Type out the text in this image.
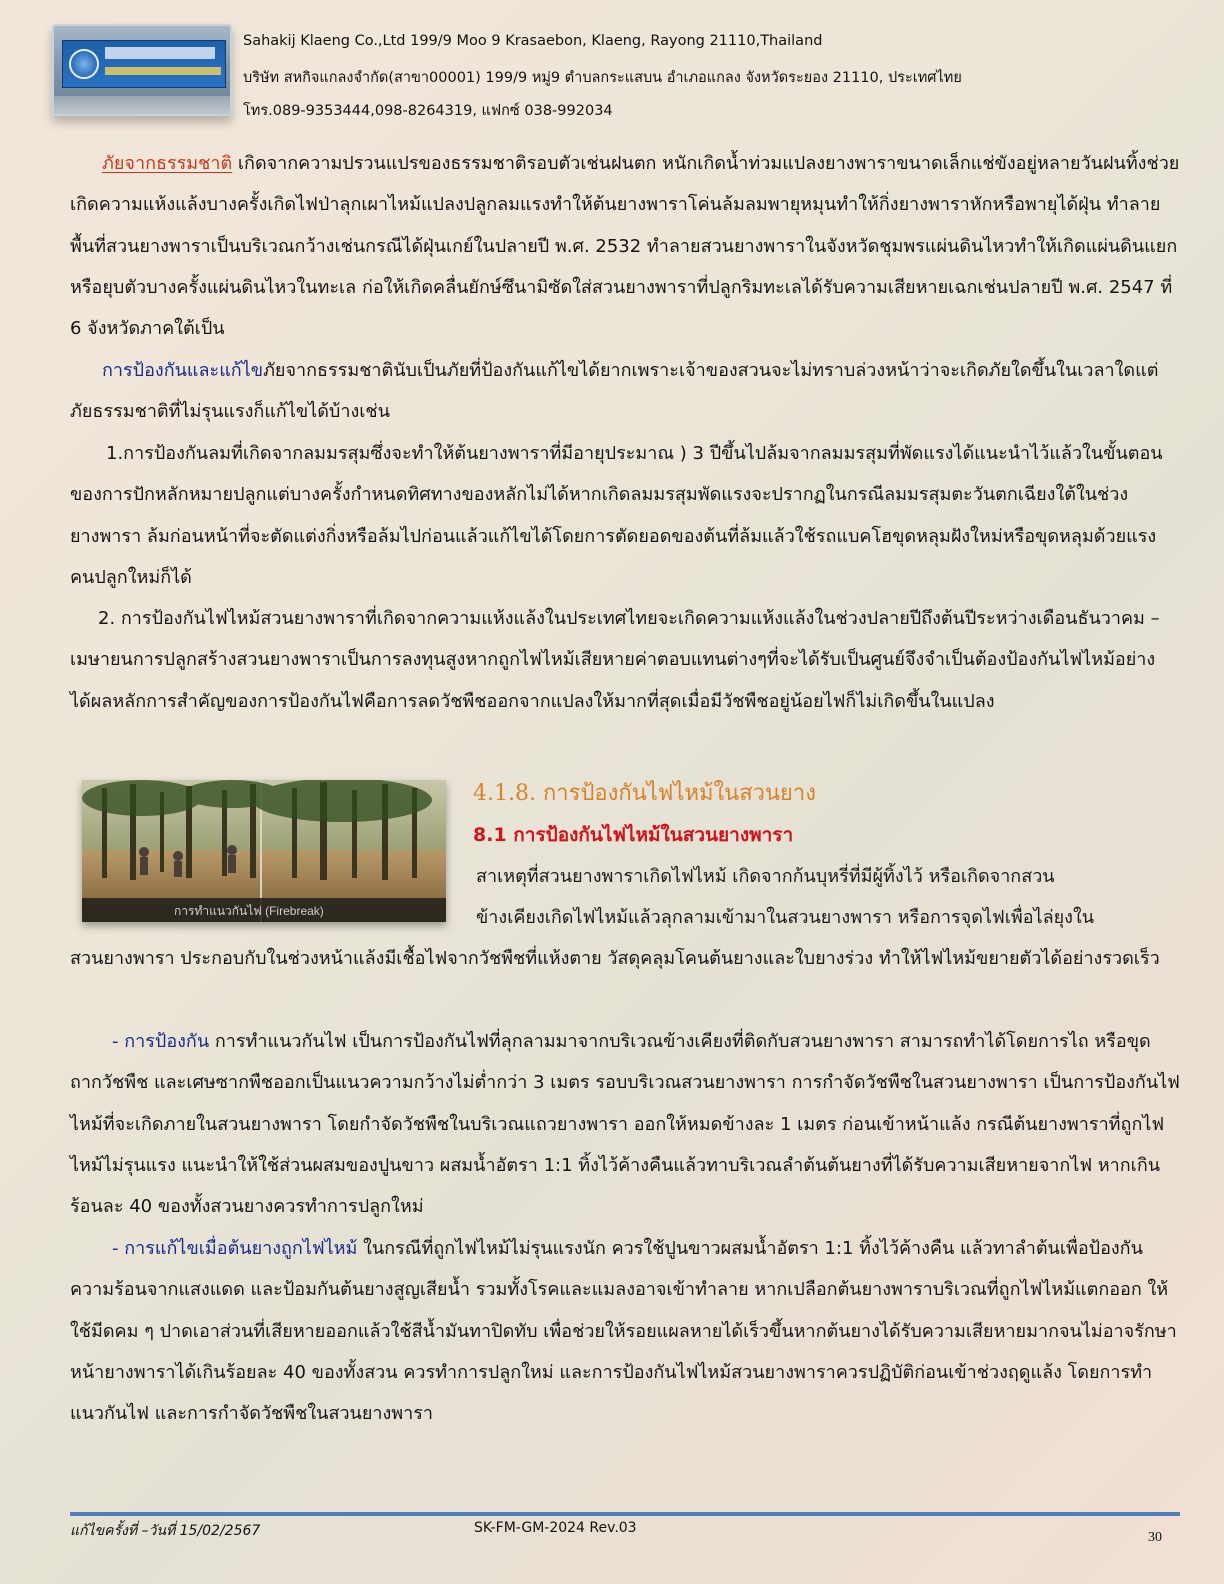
Sahakij Klaeng Co.,Ltd 199/9 Moo 9 Krasaebon, Klaeng, Rayong 21110,Thailand
บริษัท สหกิจแกลงจำกัด(สาขา00001) 199/9 หมู่9 ตำบลกระแสบน อำเภอแกลง จังหวัดระยอง 21110, ประเทศไทย
โทร.089-9353444,098-8264319, แฟกซ์ 038-992034
ภัยจากธรรมชาติ เกิดจากความปรวนแปรของธรรมชาติรอบตัวเช่นฝนตก หนักเกิดน้ำท่วมแปลงยางพาราขนาดเล็กแช่ขังอยู่หลายวันฝนทิ้งช่วยเกิดความแห้งแล้งบางครั้งเกิดไฟป่าลุกเผาไหม้แปลงปลูกลมแรงทำให้ต้นยางพาราโค่นล้มลมพายุหมุนทำให้กิ่งยางพาราหักหรือพายุได้ฝุ่น ทำลายพื้นที่สวนยางพาราเป็นบริเวณกว้างเช่นกรณีได้ฝุ่นเกย์ในปลายปี พ.ศ. 2532 ทำลายสวนยางพาราในจังหวัดชุมพรแผ่นดินไหวทำให้เกิดแผ่นดินแยกหรือยุบตัวบางครั้งแผ่นดินไหวในทะเล ก่อให้เกิดคลื่นยักษ์ซึนามิซัดใส่สวนยางพาราที่ปลูกริมทะเลได้รับความเสียหายเฉกเช่นปลายปี พ.ศ. 2547 ที่ 6 จังหวัดภาคใต้เป็น
การป้องกันและแก้ไขภัยจากธรรมชาตินับเป็นภัยที่ป้องกันแก้ไขได้ยากเพราะเจ้าของสวนจะไม่ทราบล่วงหน้าว่าจะเกิดภัยใดขึ้นในเวลาใดแต่ภัยธรรมชาติที่ไม่รุนแรงก็แก้ไขได้บ้างเช่น
1.การป้องกันลมที่เกิดจากลมมรสุมซึ่งจะทำให้ต้นยางพาราที่มีอายุประมาณ ) 3 ปีขึ้นไปล้มจากลมมรสุมที่พัดแรงได้แนะนำไว้แล้วในขั้นตอนของการปักหลักหมายปลูกแต่บางครั้งกำหนดทิศทางของหลักไม่ได้หากเกิดลมมรสุมพัดแรงจะปรากฏในกรณีลมมรสุมตะวันตกเฉียงใต้ในช่วงยางพารา ล้มก่อนหน้าที่จะตัดแต่งกิ่งหรือล้มไปก่อนแล้วแก้ไขได้โดยการตัดยอดของต้นที่ล้มแล้วใช้รถแบคโฮขุดหลุมฝังใหม่หรือขุดหลุมด้วยแรงคนปลูกใหม่ก็ได้
2. การป้องกันไฟไหม้สวนยางพาราที่เกิดจากความแห้งแล้งในประเทศไทยจะเกิดความแห้งแล้งในช่วงปลายปีถึงต้นปีระหว่างเดือนธันวาคม – เมษายนการปลูกสร้างสวนยางพาราเป็นการลงทุนสูงหากถูกไฟไหม้เสียหายค่าตอบแทนต่างๆที่จะได้รับเป็นศูนย์จึงจำเป็นต้องป้องกันไฟไหม้อย่าง ได้ผลหลักการสำคัญของการป้องกันไฟคือการลดวัชพืชออกจากแปลงให้มากที่สุดเมื่อมีวัชพืชอยู่น้อยไฟก็ไม่เกิดขึ้นในแปลง
การทำแนวกันไฟ (Firebreak)
4.1.8. การป้องกันไฟไหม้ในสวนยาง
8.1 การป้องกันไฟไหม้ในสวนยางพารา
สาเหตุที่สวนยางพาราเกิดไฟไหม้ เกิดจากก้นบุหรี่ที่มีผู้ทิ้งไว้ หรือเกิดจากสวน
ข้างเคียงเกิดไฟไหม้แล้วลุกลามเข้ามาในสวนยางพารา หรือการจุดไฟเพื่อไล่ยุงใน
สวนยางพารา ประกอบกับในช่วงหน้าแล้งมีเชื้อไฟจากวัชพืชที่แห้งตาย วัสดุคลุมโคนต้นยางและใบยางร่วง ทำให้ไฟไหม้ขยายตัวได้อย่างรวดเร็ว
- การป้องกัน การทำแนวกันไฟ เป็นการป้องกันไฟที่ลุกลามมาจากบริเวณข้างเคียงที่ติดกับสวนยางพารา สามารถทำได้โดยการไถ หรือขุดถากวัชพืช และเศษซากพืชออกเป็นแนวความกว้างไม่ต่ำกว่า 3 เมตร รอบบริเวณสวนยางพารา การกำจัดวัชพืชในสวนยางพารา เป็นการป้องกันไฟไหม้ที่จะเกิดภายในสวนยางพารา โดยกำจัดวัชพืชในบริเวณแถวยางพารา ออกให้หมดข้างละ 1 เมตร ก่อนเข้าหน้าแล้ง กรณีต้นยางพาราที่ถูกไฟไหม้ไม่รุนแรง แนะนำให้ใช้ส่วนผสมของปูนขาว ผสมน้ำอัตรา 1:1 ทิ้งไว้ค้างคืนแล้วทาบริเวณลำต้นต้นยางที่ได้รับความเสียหายจากไฟ หากเกินร้อนละ 40 ของทั้งสวนยางควรทำการปลูกใหม่
- การแก้ไขเมื่อต้นยางถูกไฟไหม้ ในกรณีที่ถูกไฟไหม้ไม่รุนแรงนัก ควรใช้ปูนขาวผสมน้ำอัตรา 1:1 ทิ้งไว้ค้างคืน แล้วทาลำต้นเพื่อป้องกันความร้อนจากแสงแดด และป้อมกันต้นยางสูญเสียน้ำ รวมทั้งโรคและแมลงอาจเข้าทำลาย หากเปลือกต้นยางพาราบริเวณที่ถูกไฟไหม้แตกออก ให้ใช้มีดคม ๆ ปาดเอาส่วนที่เสียหายออกแล้วใช้สีน้ำมันทาปิดทับ เพื่อช่วยให้รอยแผลหายได้เร็วขึ้นหากต้นยางได้รับความเสียหายมากจนไม่อาจรักษาหน้ายางพาราได้เกินร้อยละ 40 ของทั้งสวน ควรทำการปลูกใหม่ และการป้องกันไฟไหม้สวนยางพาราควรปฏิบัติก่อนเข้าช่วงฤดูแล้ง โดยการทำแนวกันไฟ และการกำจัดวัชพืชในสวนยางพารา
แก้ไขครั้งที่ –วันที่ 15/02/2567	SK-FM-GM-2024 Rev.03
30
